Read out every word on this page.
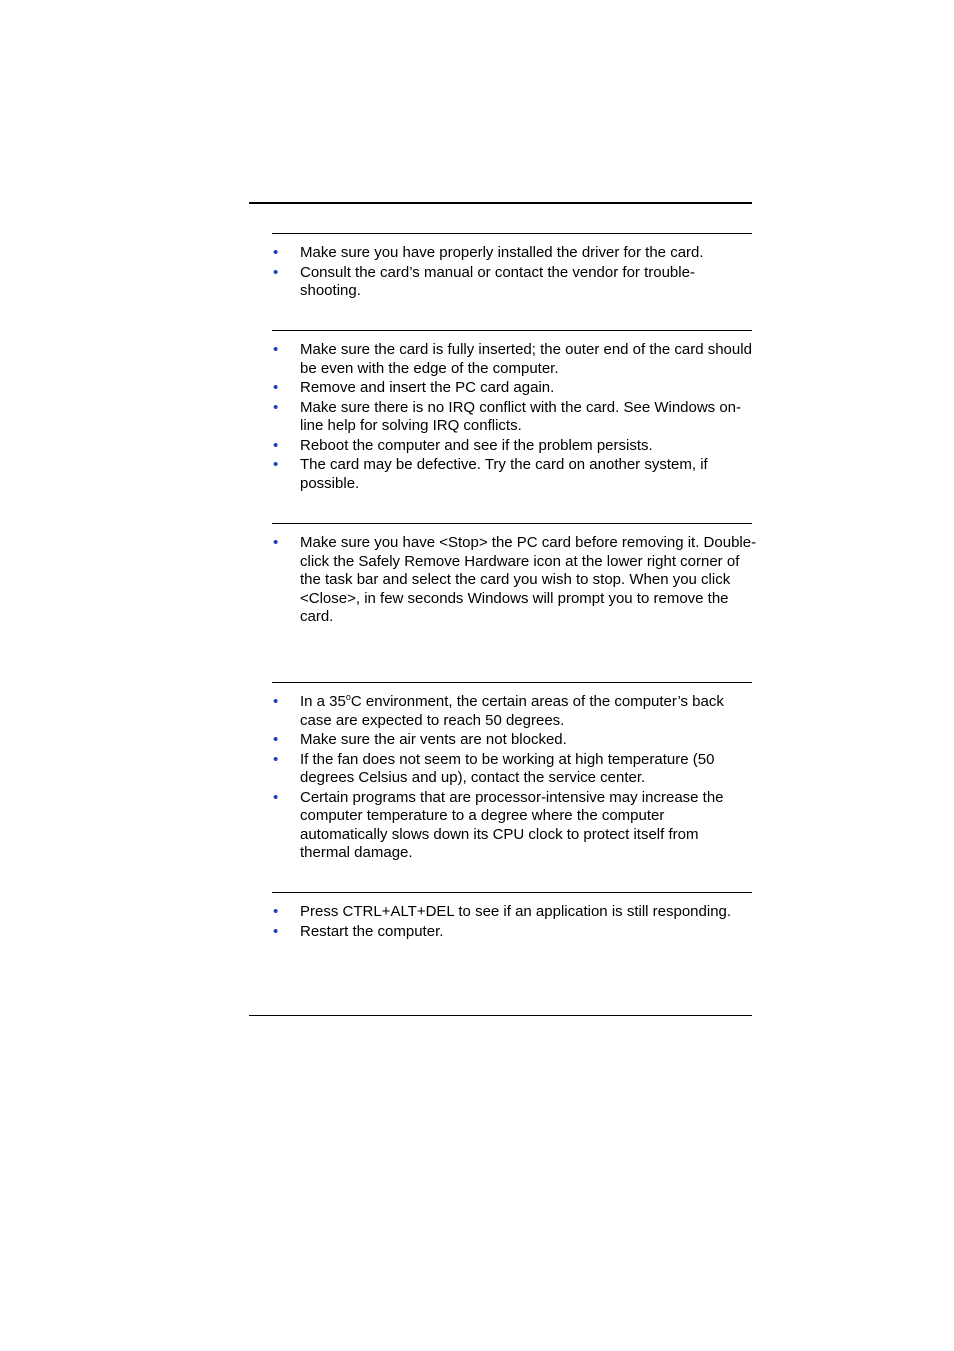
•
Make sure you have properly installed the driver for the card.
•
Consult the card’s manual or contact the vendor for trouble-shooting.
•
Make sure the card is fully inserted; the outer end of the card should be even with the edge of the computer.
•
Remove and insert the PC card again.
•
Make sure there is no IRQ conflict with the card. See Windows on-line help for solving IRQ conflicts.
•
Reboot the computer and see if the problem persists.
•
The card may be defective. Try the card on another system, if possible.
•
Make sure you have <Stop> the PC card before removing it. Double-click the Safely Remove Hardware icon at the lower right corner of the task bar and select the card you wish to stop. When you click <Close>, in few seconds Windows will prompt you to remove the card.
•
In a 35$^o$C environment, the certain areas of the computer’s back case are expected to reach 50 degrees.
•
Make sure the air vents are not blocked.
•
If the fan does not seem to be working at high temperature (50 degrees Celsius and up), contact the service center.
•
Certain programs that are processor-intensive may increase the computer temperature to a degree where the computer automatically slows down its CPU clock to protect itself from thermal damage.
•
Press CTRL+ALT+DEL to see if an application is still responding.
•
Restart the computer.
